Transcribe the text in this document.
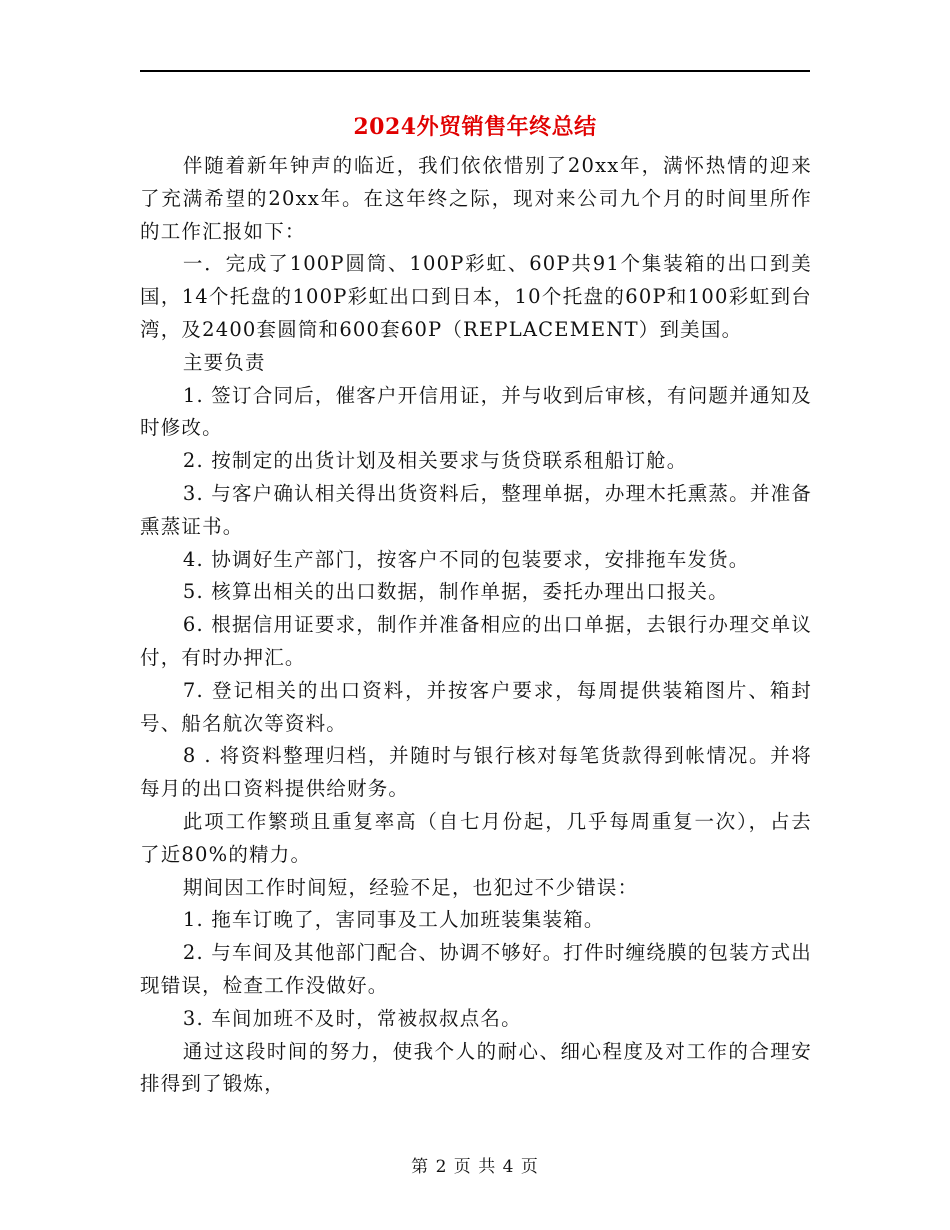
2024外贸销售年终总结

伴随着新年钟声的临近，我们依依惜别了20xx年，满怀热情的迎来了充满希望的20xx年。在这年终之际，现对来公司九个月的时间里所作的工作汇报如下：

一．完成了100P圆筒、100P彩虹、60P共91个集装箱的出口到美国，14个托盘的100P彩虹出口到日本，10个托盘的60P和100彩虹到台湾，及2400套圆筒和600套60P（REPLACEMENT）到美国。

主要负责

1. 签订合同后，催客户开信用证，并与收到后审核，有问题并通知及时修改。

2. 按制定的出货计划及相关要求与货贷联系租船订舱。

3. 与客户确认相关得出货资料后，整理单据，办理木托熏蒸。并准备熏蒸证书。

4. 协调好生产部门，按客户不同的包装要求，安排拖车发货。

5. 核算出相关的出口数据，制作单据，委托办理出口报关。

6. 根据信用证要求，制作并准备相应的出口单据，去银行办理交单议付，有时办押汇。

7. 登记相关的出口资料，并按客户要求，每周提供装箱图片、箱封号、船名航次等资料。

8 . 将资料整理归档，并随时与银行核对每笔货款得到帐情况。并将每月的出口资料提供给财务。

此项工作繁琐且重复率高（自七月份起，几乎每周重复一次），占去了近80%的精力。

期间因工作时间短，经验不足，也犯过不少错误：

1. 拖车订晚了，害同事及工人加班装集装箱。

2. 与车间及其他部门配合、协调不够好。打件时缠绕膜的包装方式出现错误，检查工作没做好。

3. 车间加班不及时，常被叔叔点名。

通过这段时间的努力，使我个人的耐心、细心程度及对工作的合理安排得到了锻炼，

第 2 页 共 4 页
